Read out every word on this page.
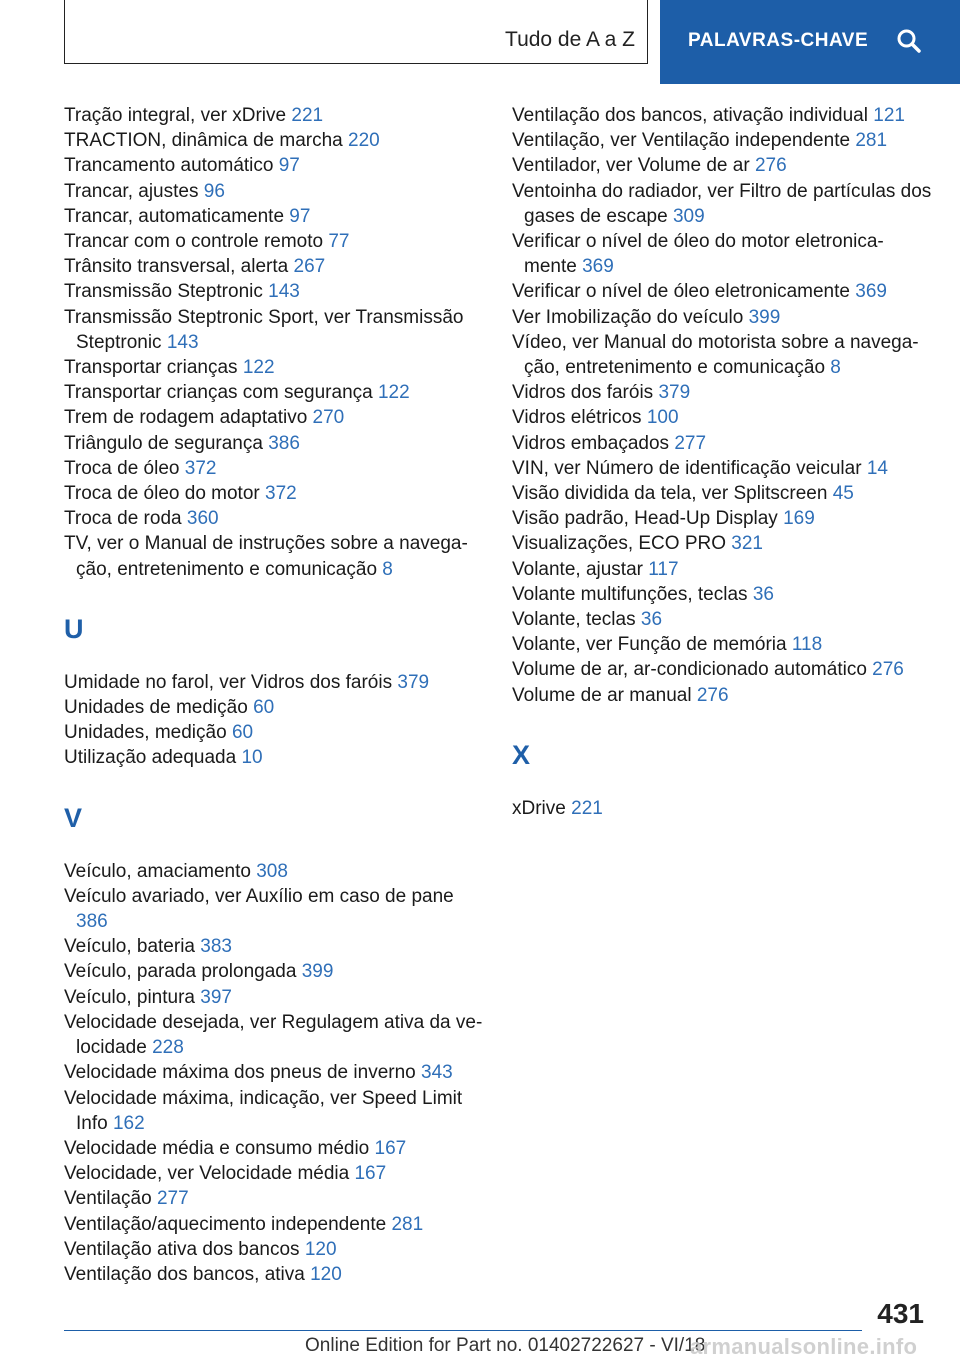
Tudo de A a Z	PALAVRAS-CHAVE
Tração integral, ver xDrive 221
TRACTION, dinâmica de marcha 220
Trancamento automático 97
Trancar, ajustes 96
Trancar, automaticamente 97
Trancar com o controle remoto 77
Trânsito transversal, alerta 267
Transmissão Steptronic 143
Transmissão Steptronic Sport, ver Transmissão Steptronic 143
Transportar crianças 122
Transportar crianças com segurança 122
Trem de rodagem adaptativo 270
Triângulo de segurança 386
Troca de óleo 372
Troca de óleo do motor 372
Troca de roda 360
TV, ver o Manual de instruções sobre a navega-ção, entretenimento e comunicação 8
U
Umidade no farol, ver Vidros dos faróis 379
Unidades de medição 60
Unidades, medição 60
Utilização adequada 10
V
Veículo, amaciamento 308
Veículo avariado, ver Auxílio em caso de pane 386
Veículo, bateria 383
Veículo, parada prolongada 399
Veículo, pintura 397
Velocidade desejada, ver Regulagem ativa da ve-locidade 228
Velocidade máxima dos pneus de inverno 343
Velocidade máxima, indicação, ver Speed Limit Info 162
Velocidade média e consumo médio 167
Velocidade, ver Velocidade média 167
Ventilação 277
Ventilação/aquecimento independente 281
Ventilação ativa dos bancos 120
Ventilação dos bancos, ativa 120
Ventilação dos bancos, ativação individual 121
Ventilação, ver Ventilação independente 281
Ventilador, ver Volume de ar 276
Ventoinha do radiador, ver Filtro de partículas dos gases de escape 309
Verificar o nível de óleo do motor eletronica-mente 369
Verificar o nível de óleo eletronicamente 369
Ver Imobilização do veículo 399
Vídeo, ver Manual do motorista sobre a navega-ção, entretenimento e comunicação 8
Vidros dos faróis 379
Vidros elétricos 100
Vidros embaçados 277
VIN, ver Número de identificação veicular 14
Visão dividida da tela, ver Splitscreen 45
Visão padrão, Head-Up Display 169
Visualizações, ECO PRO 321
Volante, ajustar 117
Volante multifunções, teclas 36
Volante, teclas 36
Volante, ver Função de memória 118
Volume de ar, ar-condicionado automático 276
Volume de ar manual 276
X
xDrive 221
431
Online Edition for Part no. 01402722627 - VI/18
armanualsonline.info
